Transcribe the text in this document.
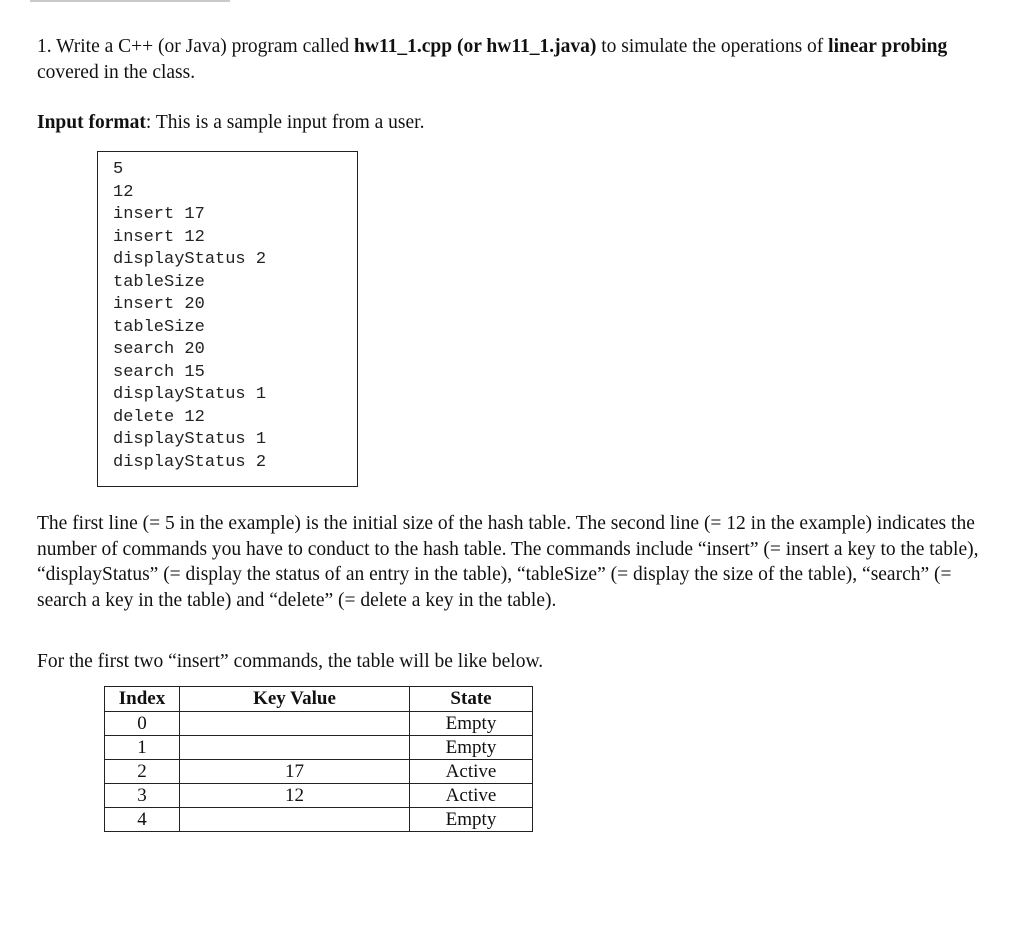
1. Write a C++ (or Java) program called hw11_1.cpp (or hw11_1.java) to simulate the operations of linear probing covered in the class.

Input format: This is a sample input from a user.

5
12
insert 17
insert 12
displayStatus 2
tableSize
insert 20
tableSize
search 20
search 15
displayStatus 1
delete 12
displayStatus 1
displayStatus 2

The first line (= 5 in the example) is the initial size of the hash table. The second line (= 12 in the example) indicates the number of commands you have to conduct to the hash table. The commands include “insert” (= insert a key to the table), “displayStatus” (= display the status of an entry in the table), “tableSize” (= display the size of the table), “search” (= search a key in the table) and “delete” (= delete a key in the table).

For the first two “insert” commands, the table will be like below.

Index	Key Value	State
0		Empty
1		Empty
2	17	Active
3	12	Active
4		Empty
